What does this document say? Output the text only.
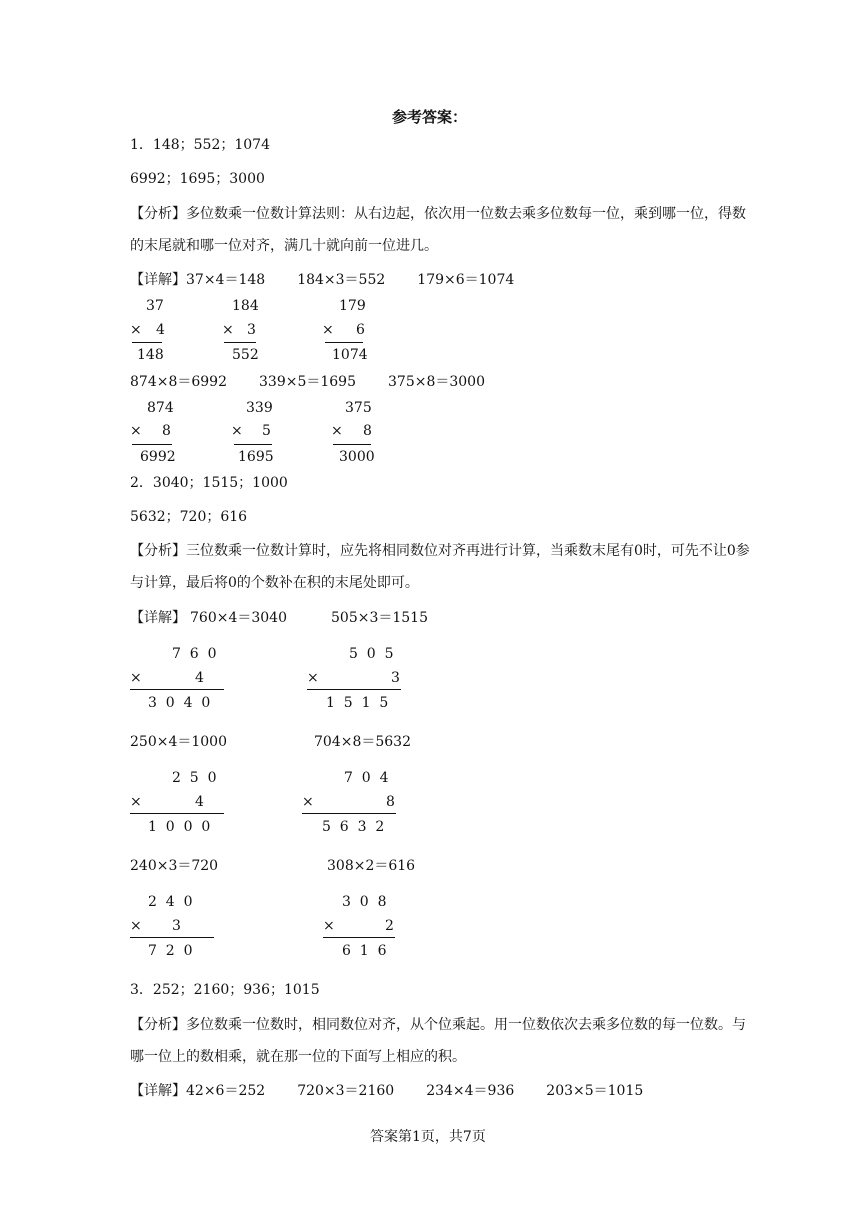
参考答案：
1．148；552；1074
6992；1695；3000
【分析】多位数乘一位数计算法则：从右边起，依次用一位数去乘多位数每一位，乘到哪一位，得数的末尾就和哪一位对齐，满几十就向前一位进几。
【详解】37×4＝148 184×3＝552 179×6＝1074
37
× 4
148
184
× 3
552
179
× 6
1074
874×8＝6992 339×5＝1695 375×8＝3000
874
× 8
6992
339
× 5
1695
375
× 8
3000
2．3040；1515；1000
5632；720；616
【分析】三位数乘一位数计算时，应先将相同数位对齐再进行计算，当乘数末尾有0时，可先不让0参与计算，最后将0的个数补在积的末尾处即可。
【详解】 760×4＝3040	505×3＝1515
7  6  0
×	4
3  0  4  0
5  0  5
×	3
1  5  1  5
250×4＝1000	704×8＝5632
2  5  0
×	4
1  0  0  0
7  0  4
×	8
5  6  3  2
240×3＝720	308×2＝616
2  4  0
× 3
7  2  0
3  0  8
×	2
6  1  6
3．252；2160；936；1015
【分析】多位数乘一位数时，相同数位对齐，从个位乘起。用一位数依次去乘多位数的每一位数。与哪一位上的数相乘，就在那一位的下面写上相应的积。
【详解】42×6＝252 720×3＝2160 234×4＝936 203×5＝1015
答案第1页，共7页
